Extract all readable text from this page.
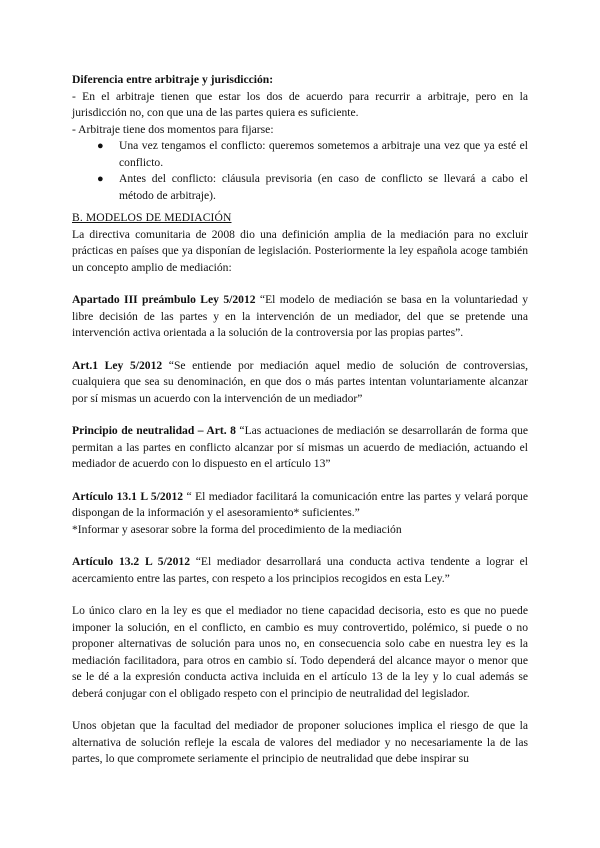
Diferencia entre arbitraje y jurisdicción:

- En el arbitraje tienen que estar los dos de acuerdo para recurrir a arbitraje, pero en la jurisdicción no, con que una de las partes quiera es suficiente.

- Arbitraje tiene dos momentos para fijarse:

● Una vez tengamos el conflicto: queremos sometemos a arbitraje una vez que ya esté el conflicto.
● Antes del conflicto: cláusula previsoria (en caso de conflicto se llevará a cabo el método de arbitraje).

B. MODELOS DE MEDIACIÓN

La directiva comunitaria de 2008 dio una definición amplia de la mediación para no excluir prácticas en países que ya disponían de legislación. Posteriormente la ley española acoge también un concepto amplio de mediación:

Apartado III preámbulo Ley 5/2012 “El modelo de mediación se basa en la voluntariedad y libre decisión de las partes y en la intervención de un mediador, del que se pretende una intervención activa orientada a la solución de la controversia por las propias partes”.

Art.1 Ley 5/2012 “Se entiende por mediación aquel medio de solución de controversias, cualquiera que sea su denominación, en que dos o más partes intentan voluntariamente alcanzar por sí mismas un acuerdo con la intervención de un mediador”

Principio de neutralidad – Art. 8 “Las actuaciones de mediación se desarrollarán de forma que permitan a las partes en conflicto alcanzar por sí mismas un acuerdo de mediación, actuando el mediador de acuerdo con lo dispuesto en el artículo 13”

Artículo 13.1 L 5/2012 “ El mediador facilitará la comunicación entre las partes y velará porque dispongan de la información y el asesoramiento* suficientes.”

*Informar y asesorar sobre la forma del procedimiento de la mediación

Artículo 13.2 L 5/2012 “El mediador desarrollará una conducta activa tendente a lograr el acercamiento entre las partes, con respeto a los principios recogidos en esta Ley.”

Lo único claro en la ley es que el mediador no tiene capacidad decisoria, esto es que no puede imponer la solución, en el conflicto, en cambio es muy controvertido, polémico, si puede o no proponer alternativas de solución para unos no, en consecuencia solo cabe en nuestra ley es la mediación facilitadora, para otros en cambio sí. Todo dependerá del alcance mayor o menor que se le dé a la expresión conducta activa incluida en el artículo 13 de la ley y lo cual además se deberá conjugar con el obligado respeto con el principio de neutralidad del legislador.

Unos objetan que la facultad del mediador de proponer soluciones implica el riesgo de que la alternativa de solución refleje la escala de valores del mediador y no necesariamente la de las partes, lo que compromete seriamente el principio de neutralidad que debe inspirar su
